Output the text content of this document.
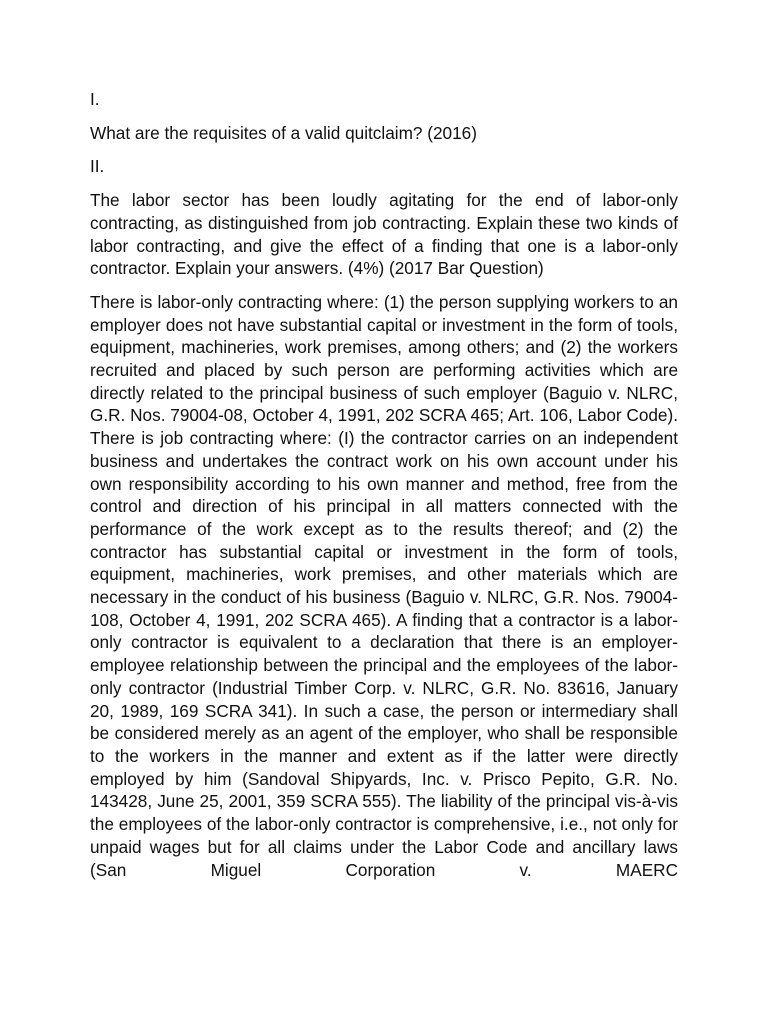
I.

What are the requisites of a valid quitclaim? (2016)

II.

The labor sector has been loudly agitating for the end of labor-only contracting, as distinguished from job contracting. Explain these two kinds of labor contracting, and give the effect of a finding that one is a labor-only contractor. Explain your answers. (4%) (2017 Bar Question)

There is labor-only contracting where: (1) the person supplying workers to an employer does not have substantial capital or investment in the form of tools, equipment, machineries, work premises, among others; and (2) the workers recruited and placed by such person are performing activities which are directly related to the principal business of such employer (Baguio v. NLRC, G.R. Nos. 79004-08, October 4, 1991, 202 SCRA 465; Art. 106, Labor Code). There is job contracting where: (I) the contractor carries on an independent business and undertakes the contract work on his own account under his own responsibility according to his own manner and method, free from the control and direction of his principal in all matters connected with the performance of the work except as to the results thereof; and (2) the contractor has substantial capital or investment in the form of tools, equipment, machineries, work premises, and other materials which are necessary in the conduct of his business (Baguio v. NLRC, G.R. Nos. 79004-108, October 4, 1991, 202 SCRA 465). A finding that a contractor is a labor-only contractor is equivalent to a declaration that there is an employer-employee relationship between the principal and the employees of the labor-only contractor (Industrial Timber Corp. v. NLRC, G.R. No. 83616, January 20, 1989, 169 SCRA 341). In such a case, the person or intermediary shall be considered merely as an agent of the employer, who shall be responsible to the workers in the manner and extent as if the latter were directly employed by him (Sandoval Shipyards, Inc. v. Prisco Pepito, G.R. No. 143428, June 25, 2001, 359 SCRA 555). The liability of the principal vis-à-vis the employees of the labor-only contractor is comprehensive, i.e., not only for unpaid wages but for all claims under the Labor Code and ancillary laws (San Miguel Corporation v. MAERC
